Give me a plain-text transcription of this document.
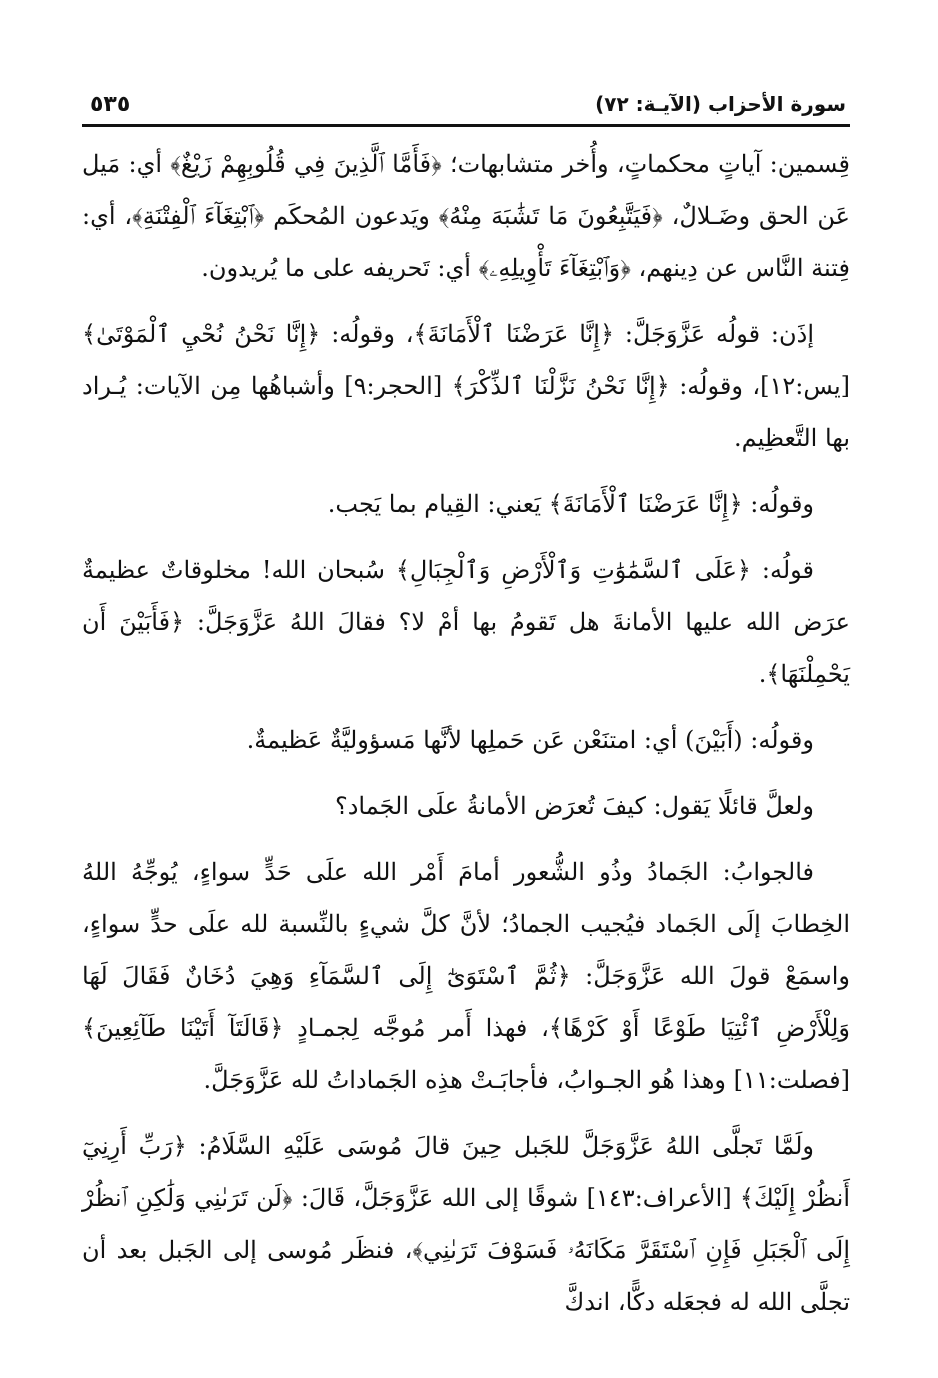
٥٣٥	سورة الأحزاب (الآيـة: ٧٢)

قِسمين: آياتٍ محكماتٍ، وأُخر متشابهات؛ ﴿فَأَمَّا ٱلَّذِينَ فِي قُلُوبِهِمْ زَيْغٌ﴾ أي: مَيل عَن الحق وضَـلالٌ، ﴿فَيَتَّبِعُونَ مَا تَشَٰبَهَ مِنْهُ﴾ ويَدعون المُحكَم ﴿ٱبْتِغَآءَ ٱلْفِتْنَةِ﴾، أي: فِتنة النَّاس عن دِينهم، ﴿وَٱبْتِغَآءَ تَأْوِيلِهِۦ﴾ أي: تَحريفه على ما يُريدون.

إذَن: قولُه عَزَّوَجَلَّ: ﴿إِنَّا عَرَضْنَا ٱلْأَمَانَةَ﴾، وقولُه: ﴿إِنَّا نَحْنُ نُحْيِ ٱلْمَوْتَىٰ﴾ [يس:١٢]، وقولُه: ﴿إِنَّا نَحْنُ نَزَّلْنَا ٱلذِّكْرَ﴾ [الحجر:٩] وأشباهُها مِن الآيات: يُـراد بها التَّعظِيم.

وقولُه: ﴿إِنَّا عَرَضْنَا ٱلْأَمَانَةَ﴾ يَعني: القِيام بما يَجب.

قولُه: ﴿عَلَى ٱلسَّمَٰوَٰتِ وَٱلْأَرْضِ وَٱلْجِبَالِ﴾ سُبحان الله! مخلوقاتٌ عظيمةٌ عرَض الله عليها الأمانةَ هل تَقومُ بها أمْ لا؟ فقالَ اللهُ عَزَّوَجَلَّ: ﴿فَأَبَيْنَ أَن يَحْمِلْنَهَا﴾.

وقولُه: (أَبَيْنَ) أي: امتنَعْن عَن حَملِها لأنَّها مَسؤوليَّةٌ عَظيمةٌ.

ولعلَّ قائلًا يَقول: كيفَ تُعرَض الأمانةُ علَى الجَماد؟

فالجوابُ: الجَمادُ وذُو الشُّعور أمامَ أَمْر الله علَى حَدٍّ سواءٍ، يُوجِّهُ اللهُ الخِطابَ إلَى الجَماد فيُجيب الجمادُ؛ لأنَّ كلَّ شيءٍ بالنِّسبة لله علَى حدٍّ سواءٍ، واسمَعْ قولَ الله عَزَّوَجَلَّ: ﴿ثُمَّ ٱسْتَوَىٰٓ إِلَى ٱلسَّمَآءِ وَهِيَ دُخَانٌ فَقَالَ لَهَا وَلِلْأَرْضِ ٱئْتِيَا طَوْعًا أَوْ كَرْهًا﴾، فهذا أَمر مُوجَّه لِجمـادٍ ﴿قَالَتَآ أَتَيْنَا طَآئِعِينَ﴾ [فصلت:١١] وهذا هُو الجـوابُ، فأجابَـتْ هذِه الجَماداتُ لله عَزَّوَجَلَّ.

ولَمَّا تَجلَّى اللهُ عَزَّوَجَلَّ للجَبل حِينَ قالَ مُوسَى عَلَيْهِ السَّلَامُ: ﴿رَبِّ أَرِنِيٓ أَنظُرْ إِلَيْكَ﴾ [الأعراف:١٤٣] شوقًا إلى الله عَزَّوَجَلَّ، قَالَ: ﴿لَن تَرَىٰنِي وَلَٰكِنِ ٱنظُرْ إِلَى ٱلْجَبَلِ فَإِنِ ٱسْتَقَرَّ مَكَانَهُۥ فَسَوْفَ تَرَىٰنِي﴾، فنظَر مُوسى إلى الجَبل بعد أن تجلَّى الله له فجعَله دكًّا، اندكَّ
